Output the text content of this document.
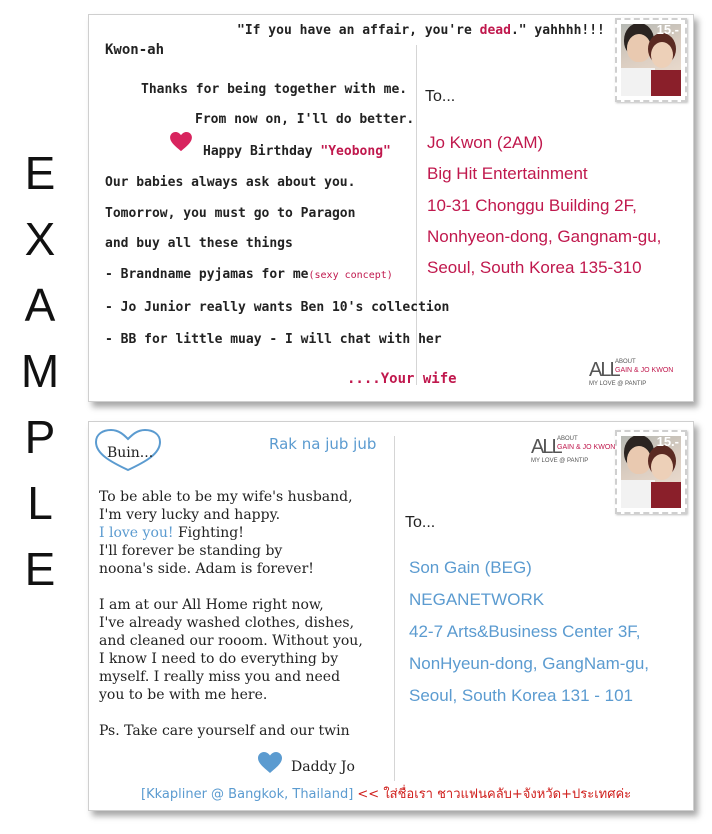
E
X
A
M
P
L
E
"If you have an affair, you're dead." yahhhh!!!
Kwon-ah
Thanks for being together with me.
From now on, I'll do better.
Happy Birthday "Yeobong"
Our babies always ask about you.
Tomorrow, you must go to Paragon
and buy all these things
- Brandname pyjamas for me(sexy concept)
- Jo Junior really wants Ben 10's collection
- BB for little muay - I will chat with her
....Your wife
To...
Jo Kwon (2AM)
Big Hit Entertainment
10-31 Chonggu Building 2F,
Nonhyeon-dong, Gangnam-gu,
Seoul, South Korea 135-310
15.-
ALL
ABOUT
GAIN & JO KWON
MY LOVE @ PANTIP
Buin...	Rak na jub jub
To be able to be my wife's husband,
I'm very lucky and happy.
I love you! Fighting!
I'll forever be standing by
noona's side. Adam is forever!
I am at our All Home right now,
I've already washed clothes, dishes,
and cleaned our rooom. Without you,
I know I need to do everything by
myself. I really miss you and need
you to be with me here.
Ps. Take care yourself and our twin
Daddy Jo
To...
Son Gain (BEG)
NEGANETWORK
42-7 Arts&Business Center 3F,
NonHyeun-dong, GangNam-gu,
Seoul, South Korea 131 - 101
ALL
ABOUT
GAIN & JO KWON
MY LOVE @ PANTIP
15.-
[Kkapliner @ Bangkok, Thailand] << ใส่ชื่อเรา ชาวแฟนคลับ+จังหวัด+ประเทศค่ะ
